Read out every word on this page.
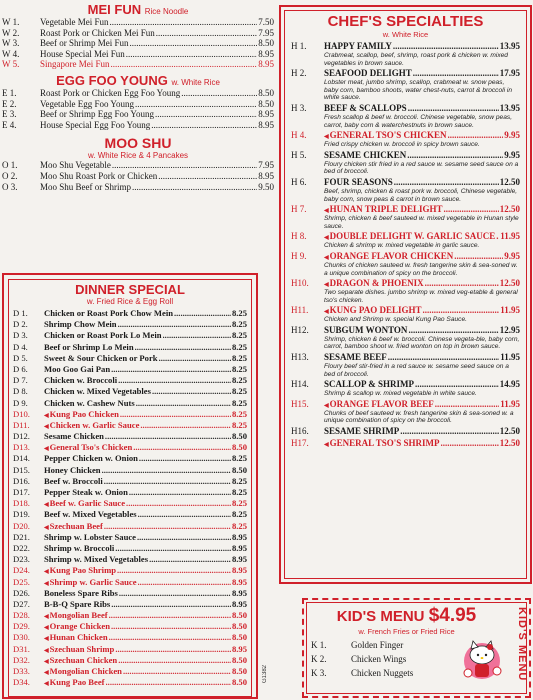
MEI FUN Rice Noodle
W 1.	Vegetable Mei Fun .....	7.50
W 2.	Roast Pork or Chicken Mei Fun .....	7.95
W 3.	Beef or Shrimp Mei Fun .....	8.50
W 4.	House Special Mei Fun .....	8.95
W 5.	Singapore Mei Fun .....	8.95
EGG FOO YOUNG w. White Rice
E 1.	Roast Pork or Chicken Egg Foo Young .....	8.50
E 2.	Vegetable Egg Foo Young .....	8.50
E 3.	Beef or Shrimp Egg Foo Young .....	8.95
E 4.	House Special Egg Foo Young .....	8.95
MOO SHU
w. White Rice & 4 Pancakes
O 1.	Moo Shu Vegetable .....	7.95
O 2.	Moo Shu Roast Pork or Chicken .....	8.95
O 3.	Moo Shu Beef or Shrimp .....	9.50
DINNER SPECIAL
w. Fried Rice & Egg Roll
D 1.	Chicken or Roast Pork Chow Mein .....	8.25
D 2.	Shrimp Chow Mein .....	8.25
D 3.	Chicken or Roast Pork Lo Mein .....	8.25
D 4.	Beef or Shrimp Lo Mein .....	8.25
D 5.	Sweet & Sour Chicken or Pork .....	8.25
D 6.	Moo Goo Gai Pan .....	8.25
D 7.	Chicken w. Broccoli .....	8.25
D 8.	Chicken w. Mixed Vegetables .....	8.25
D 9.	Chicken w. Cashew Nuts .....	8.25
D10.	◀ Kung Pao Chicken .....	8.25
D11.	◀ Chicken w. Garlic Sauce .....	8.25
D12.	Sesame Chicken .....	8.50
D13.	◀ General Tso's Chicken .....	8.50
D14.	Pepper Chicken w. Onion .....	8.25
D15.	Honey Chicken .....	8.50
D16.	Beef w. Broccoli .....	8.25
D17.	Pepper Steak w. Onion .....	8.25
D18.	◀ Beef w. Garlic Sauce .....	8.25
D19.	Beef w. Mixed Vegetables .....	8.25
D20.	◀ Szechuan Beef .....	8.25
D21.	Shrimp w. Lobster Sauce .....	8.95
D22.	Shrimp w. Broccoli .....	8.95
D23.	Shrimp w. Mixed Vegetables .....	8.95
D24.	◀ Kung Pao Shrimp .....	8.95
D25.	◀ Shrimp w. Garlic Sauce .....	8.95
D26.	Boneless Spare Ribs .....	8.95
D27.	B-B-Q Spare Ribs .....	8.95
D28.	◀ Mongolian Beef .....	8.50
D29.	◀ Orange Chicken .....	8.50
D30.	◀ Hunan Chicken .....	8.50
D31.	◀ Szechuan Shrimp .....	8.95
D32.	◀ Szechuan Chicken .....	8.50
D33.	◀ Mongolian Chicken .....	8.50
D34.	◀ Kung Pao Beef .....	8.50
CHEF'S SPECIALTIES
w. White Rice
H 1.	HAPPY FAMILY .....	13.95
Crabmeat, scallop, beef, shrimp, roast pork & chicken w. mixed vegetables in brown sauce.
H 2.	SEAFOOD DELIGHT .....	17.95
Lobster meat, jumbo shrimp, scallop, crabmeat w. snow peas, baby corn, bamboo shoots, water chest-nuts, carrot & broccoli in white sauce.
H 3.	BEEF & SCALLOPS .....	13.95
Fresh scallop & beef w. broccoli. Chinese vegetable, snow peas, carrot, baby corn & waterchestnuts in brown sauce.
H 4.	◀ GENERAL TSO'S CHICKEN .....	9.95
Fried crispy chicken w. broccoli in spicy brown sauce.
H 5.	SESAME CHICKEN .....	9.95
Floury chicken stir fried in a red sauce w. sesame seed sauce on a bed of broccoli.
H 6.	FOUR SEASONS .....	12.50
Beef, shrimp, chicken & roast pork w. broccoli, Chinese vegetable, baby corn, snow peas & carrot in brown sauce.
H 7.	◀ HUNAN TRIPLE DELIGHT .....	12.50
Shrimp, chicken & beef sauteed w. mixed vegetable in Hunan style sauce.
H 8.	◀ DOUBLE DELIGHT W. GARLIC SAUCE ..... 11.95
Chicken & shrimp w. mixed vegetable in garlic sauce.
H 9.	◀ ORANGE FLAVOR CHICKEN .....	9.95
Chunks of chicken sauteed w. fresh tangerine skin & sea-soned w. a unique combination of spicy on the broccoli.
H10.	◀ DRAGON & PHOENIX .....	12.50
Two separate dishes. jumbo shrimp w. mixed veg-etable & general tso's chicken.
H11.	◀ KUNG PAO DELIGHT .....	11.95
Chicken and Shrimp w. special Kung Pao Sauce.
H12.	SUBGUM WONTON .....	12.95
Shrimp, chicken & beef w. broccoli. Chinese vegeta-ble, baby corn, carrot, bamboo shoot w. fried wonton on top in brown sauce.
H13.	SESAME BEEF .....	11.95
Floury beef stir-fried in a red sauce w. sesame seed sauce on a bed of broccoli.
H14.	SCALLOP & SHRIMP .....	14.95
Shrimp & scallop w. mixed vegetable in white sauce.
H15.	◀ ORANGE FLAVOR BEEF .....	11.95
Chunks of beef sauteed w. fresh tangerine skin & sea-soned w. a unique combination of spicy on the broccoli.
H16.	SESAME SHRIMP .....	12.50
H17.	◀ GENERAL TSO'S SHRIMP .....	12.50
KID'S MENU $4.95
w. French Fries or Fried Rice
K 1.	Golden Finger
K 2.	Chicken Wings
K 3.	Chicken Nuggets	KID'S MENU
G1382
